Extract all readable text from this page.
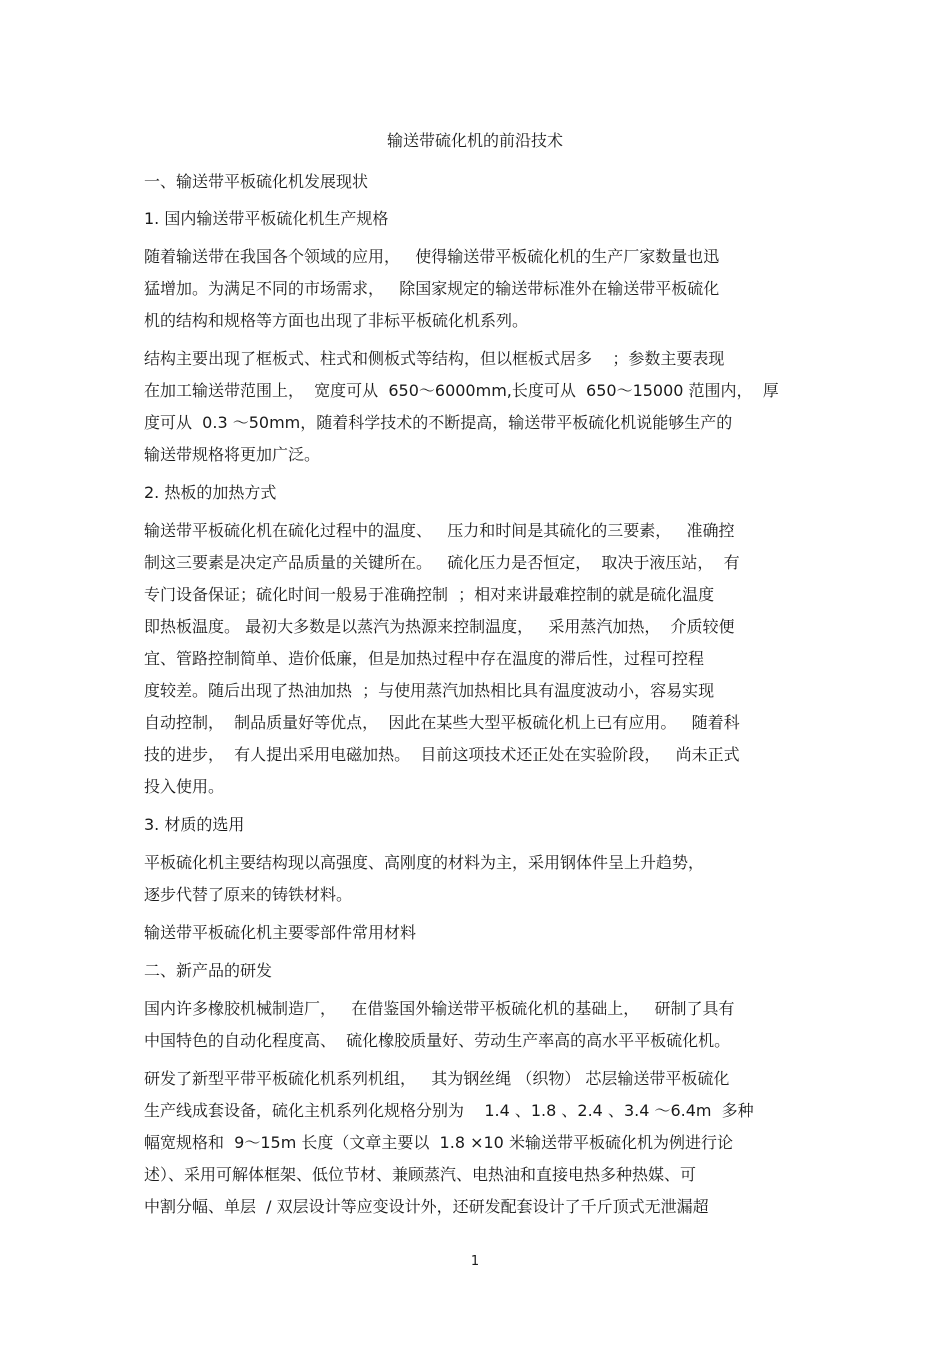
输送带硫化机的前沿技术
一、输送带平板硫化机发展现状
1. 国内输送带平板硫化机生产规格
随着输送带在我国各个领域的应用，   使得输送带平板硫化机的生产厂家数量也迅
猛增加。为满足不同的市场需求，   除国家规定的输送带标准外在输送带平板硫化
机的结构和规格等方面也出现了非标平板硫化机系列。
结构主要出现了框板式、柱式和侧板式等结构，但以框板式居多    ；参数主要表现
在加工输送带范围上，  宽度可从  650～6000mm,长度可从  650～15000 范围内，  厚
度可从  0.3 ～50mm，随着科学技术的不断提高，输送带平板硫化机说能够生产的
输送带规格将更加广泛。
2. 热板的加热方式
输送带平板硫化机在硫化过程中的温度、   压力和时间是其硫化的三要素，   准确控
制这三要素是决定产品质量的关键所在。   硫化压力是否恒定，  取决于液压站，  有
专门设备保证；硫化时间一般易于准确控制  ；相对来讲最难控制的就是硫化温度
即热板温度。 最初大多数是以蒸汽为热源来控制温度，   采用蒸汽加热，  介质较便
宜、管路控制简单、造价低廉，但是加热过程中存在温度的滞后性，过程可控程
度较差。随后出现了热油加热  ；与使用蒸汽加热相比具有温度波动小，容易实现
自动控制，  制品质量好等优点，  因此在某些大型平板硫化机上已有应用。   随着科
技的进步，  有人提出采用电磁加热。  目前这项技术还正处在实验阶段，   尚未正式
投入使用。
3. 材质的选用
平板硫化机主要结构现以高强度、高刚度的材料为主，采用钢体件呈上升趋势，
逐步代替了原来的铸铁材料。
输送带平板硫化机主要零部件常用材料
二、新产品的研发
国内许多橡胶机械制造厂，   在借鉴国外输送带平板硫化机的基础上，   研制了具有
中国特色的自动化程度高、  硫化橡胶质量好、劳动生产率高的高水平平板硫化机。
研发了新型平带平板硫化机系列机组，   其为钢丝绳 （织物） 芯层输送带平板硫化
生产线成套设备，硫化主机系列化规格分别为    1.4 、1.8 、2.4 、3.4 ～6.4m  多种
幅宽规格和  9～15m 长度（文章主要以  1.8 ×10 米输送带平板硫化机为例进行论
述）、采用可解体框架、低位节材、兼顾蒸汽、电热油和直接电热多种热媒、可
中割分幅、单层  / 双层设计等应变设计外，还研发配套设计了千斤顶式无泄漏超
1
